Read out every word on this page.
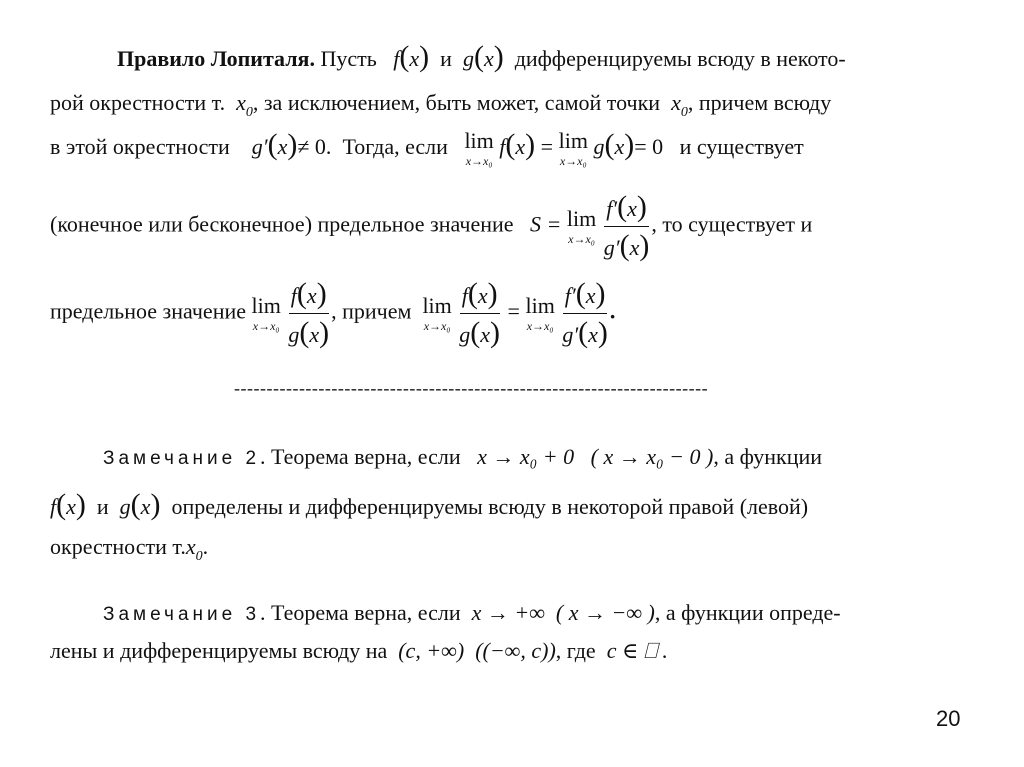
Правило Лопиталя. Пусть f(x) и g(x) дифференцируемы всюду в некото-
рой окрестности т. $x_0$, за исключением, быть может, самой точки $x_0$, причем всюду
в этой окрестности g′(x)≠ 0. Тогда, если lim
x→x₀
f(x) = lim
x→x₀
g(x)= 0 и существует
(конечное или бесконечное) предельное значение S = lim
x→x₀
$\frac{f'(x)}{g'(x)}$ , то существует и
предельное значение lim
x→x₀
$\frac{f(x)}{g(x)}$ , причем lim
x→x₀
$\frac{f(x)}{g(x)} = \lim$
x→x₀
$\frac{f'(x)}{g'(x)}$ .
-------------------------------------------------------------------------
Замечание 2. Теорема верна, если x → x₀ + 0 ( x → x₀ − 0 ), а функции
f(x) и g(x) определены и дифференцируемы всюду в некоторой правой (левой)
окрестности $т.x_0$.
Замечание 3. Теорема верна, если x → +∞ ( x → −∞ ), а функции опреде-
лены и дифференцируемы всюду на (c, +∞) ((−∞, c)), где c ∈ ⎕ .
20
